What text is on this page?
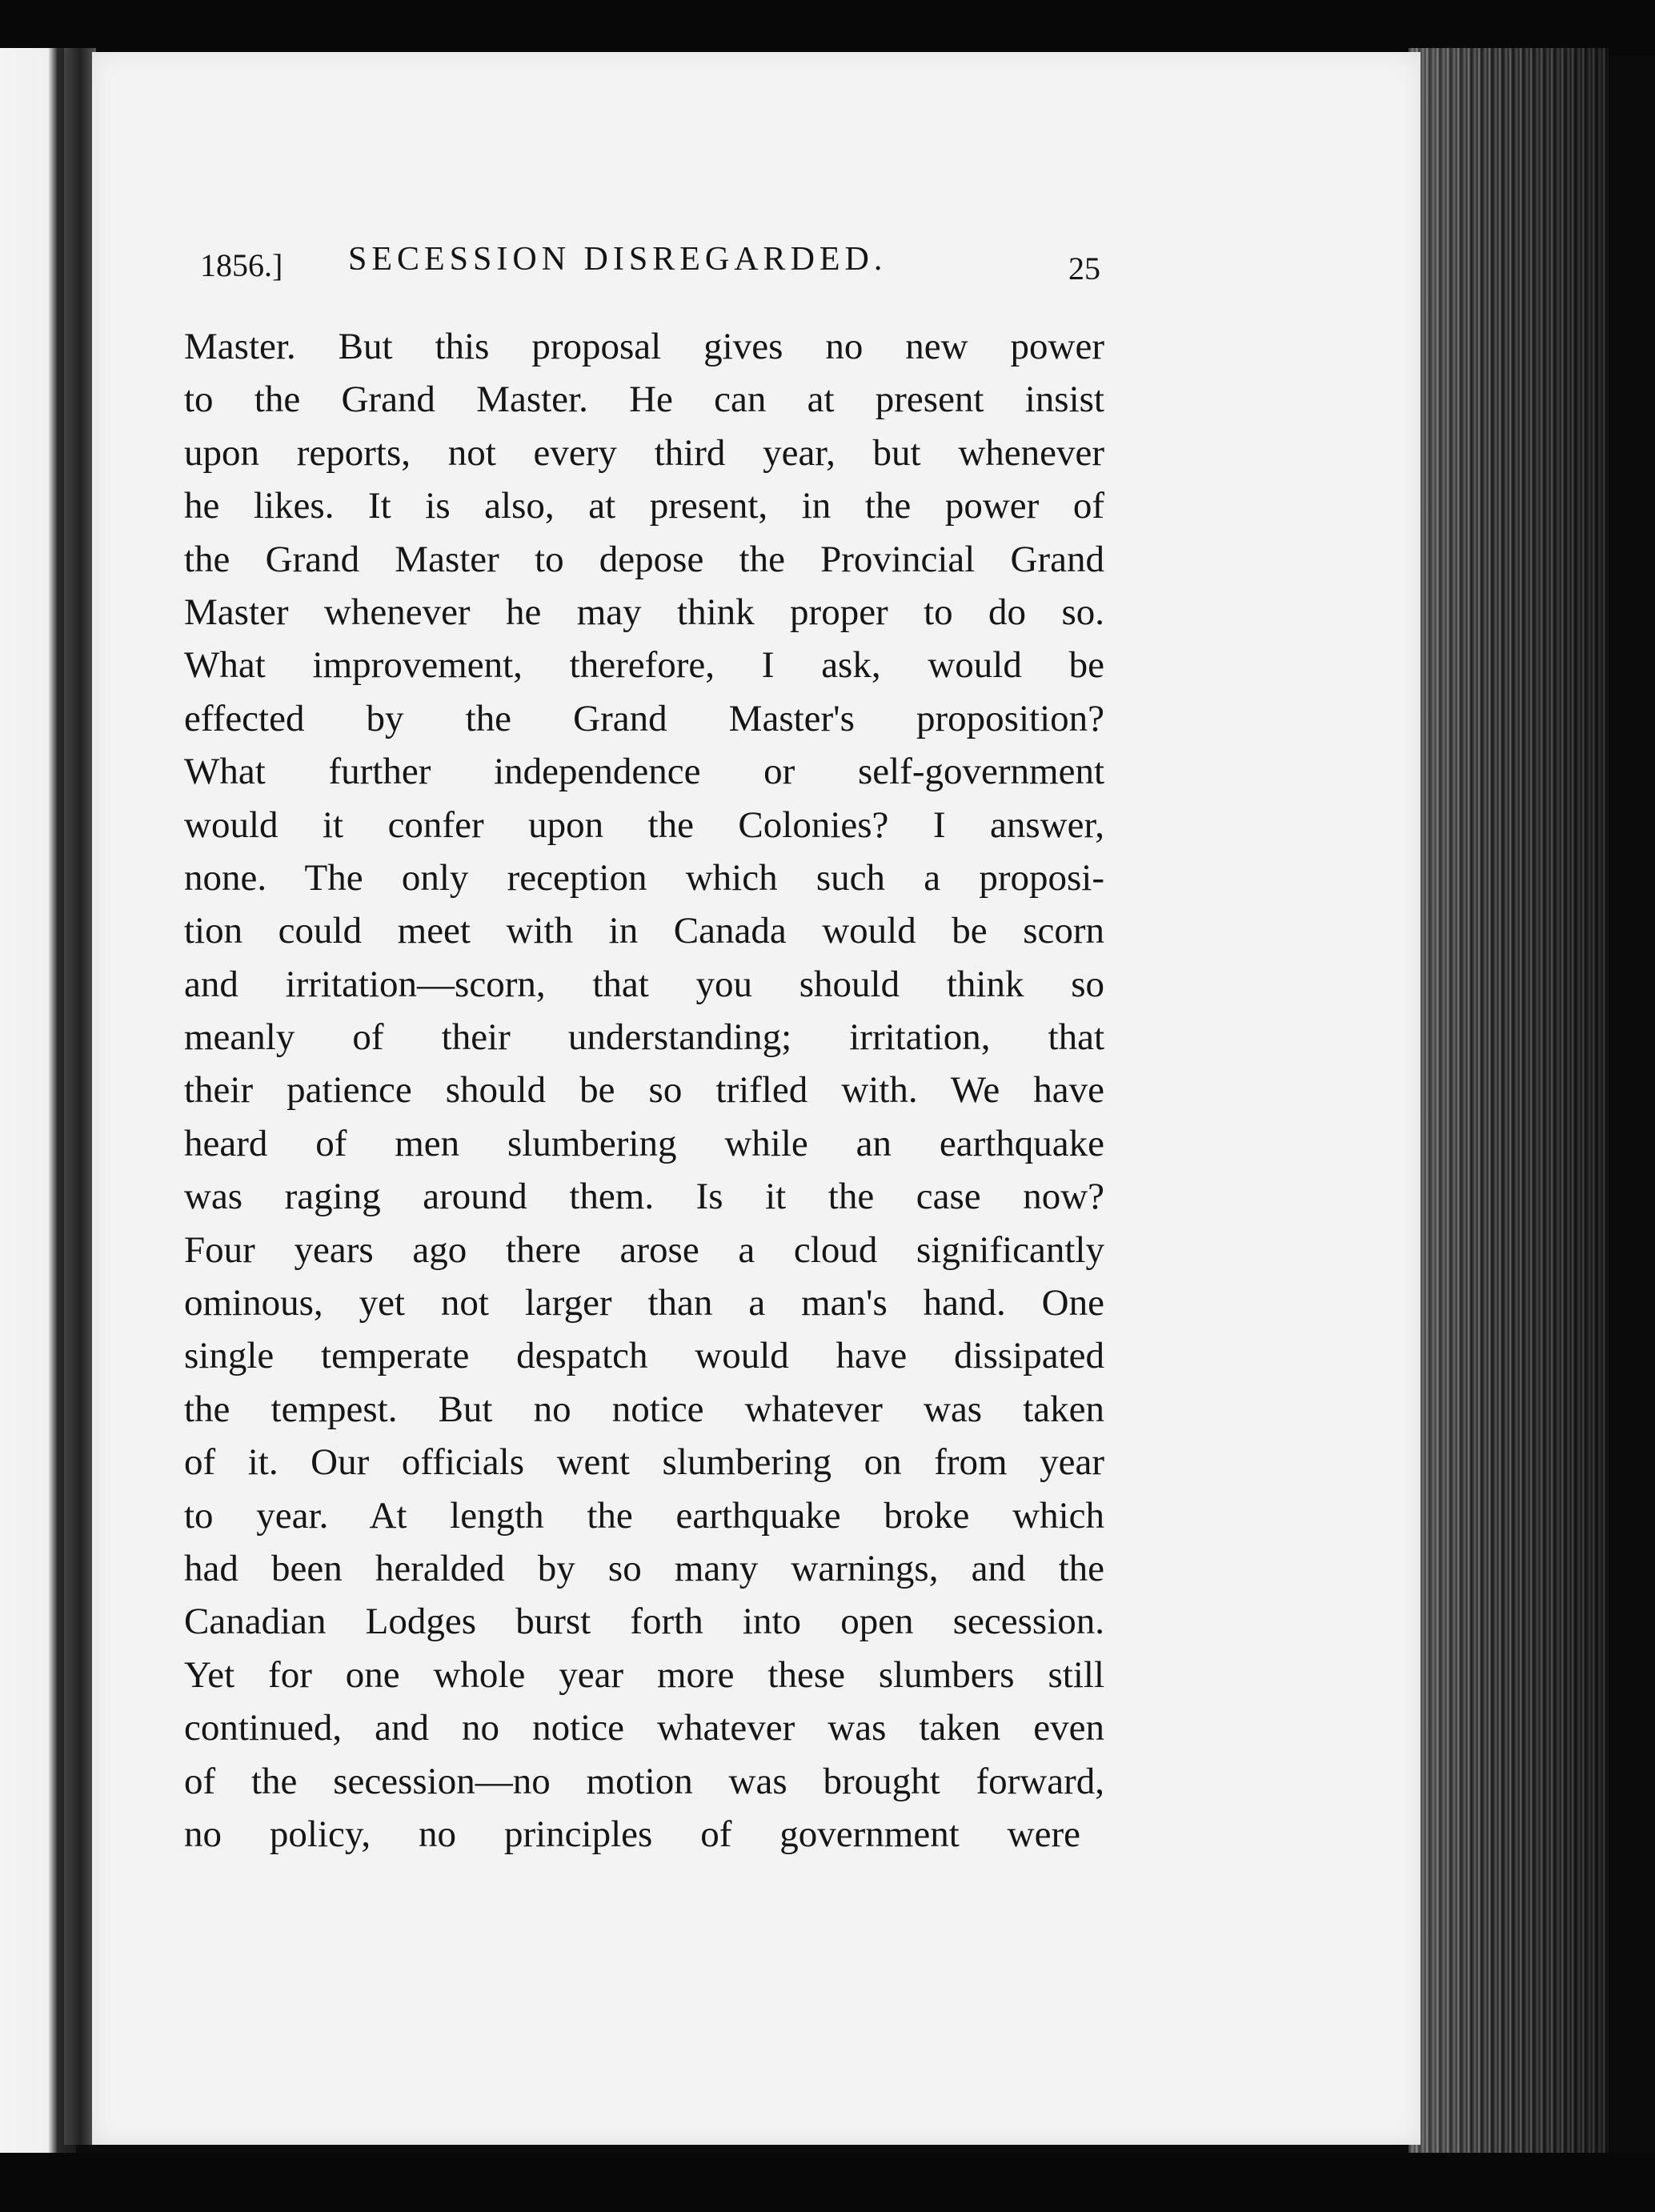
1856.] SECESSION DISREGARDED.	25
Master. But this proposal gives no new power
to the Grand Master. He can at present insist
upon reports, not every third year, but whenever
he likes. It is also, at present, in the power of
the Grand Master to depose the Provincial Grand
Master whenever he may think proper to do so.
What improvement, therefore, I ask, would be
effected by the Grand Master's proposition?
What further independence or self-government
would it confer upon the Colonies? I answer,
none. The only reception which such a proposi-
tion could meet with in Canada would be scorn
and irritation—scorn, that you should think so
meanly of their understanding; irritation, that
their patience should be so trifled with. We have
heard of men slumbering while an earthquake
was raging around them. Is it the case now?
Four years ago there arose a cloud significantly
ominous, yet not larger than a man's hand. One
single temperate despatch would have dissipated
the tempest. But no notice whatever was taken
of it. Our officials went slumbering on from year
to year. At length the earthquake broke which
had been heralded by so many warnings, and the
Canadian Lodges burst forth into open secession.
Yet for one whole year more these slumbers still
continued, and no notice whatever was taken even
of the secession—no motion was brought forward,
no policy, no principles of government were
